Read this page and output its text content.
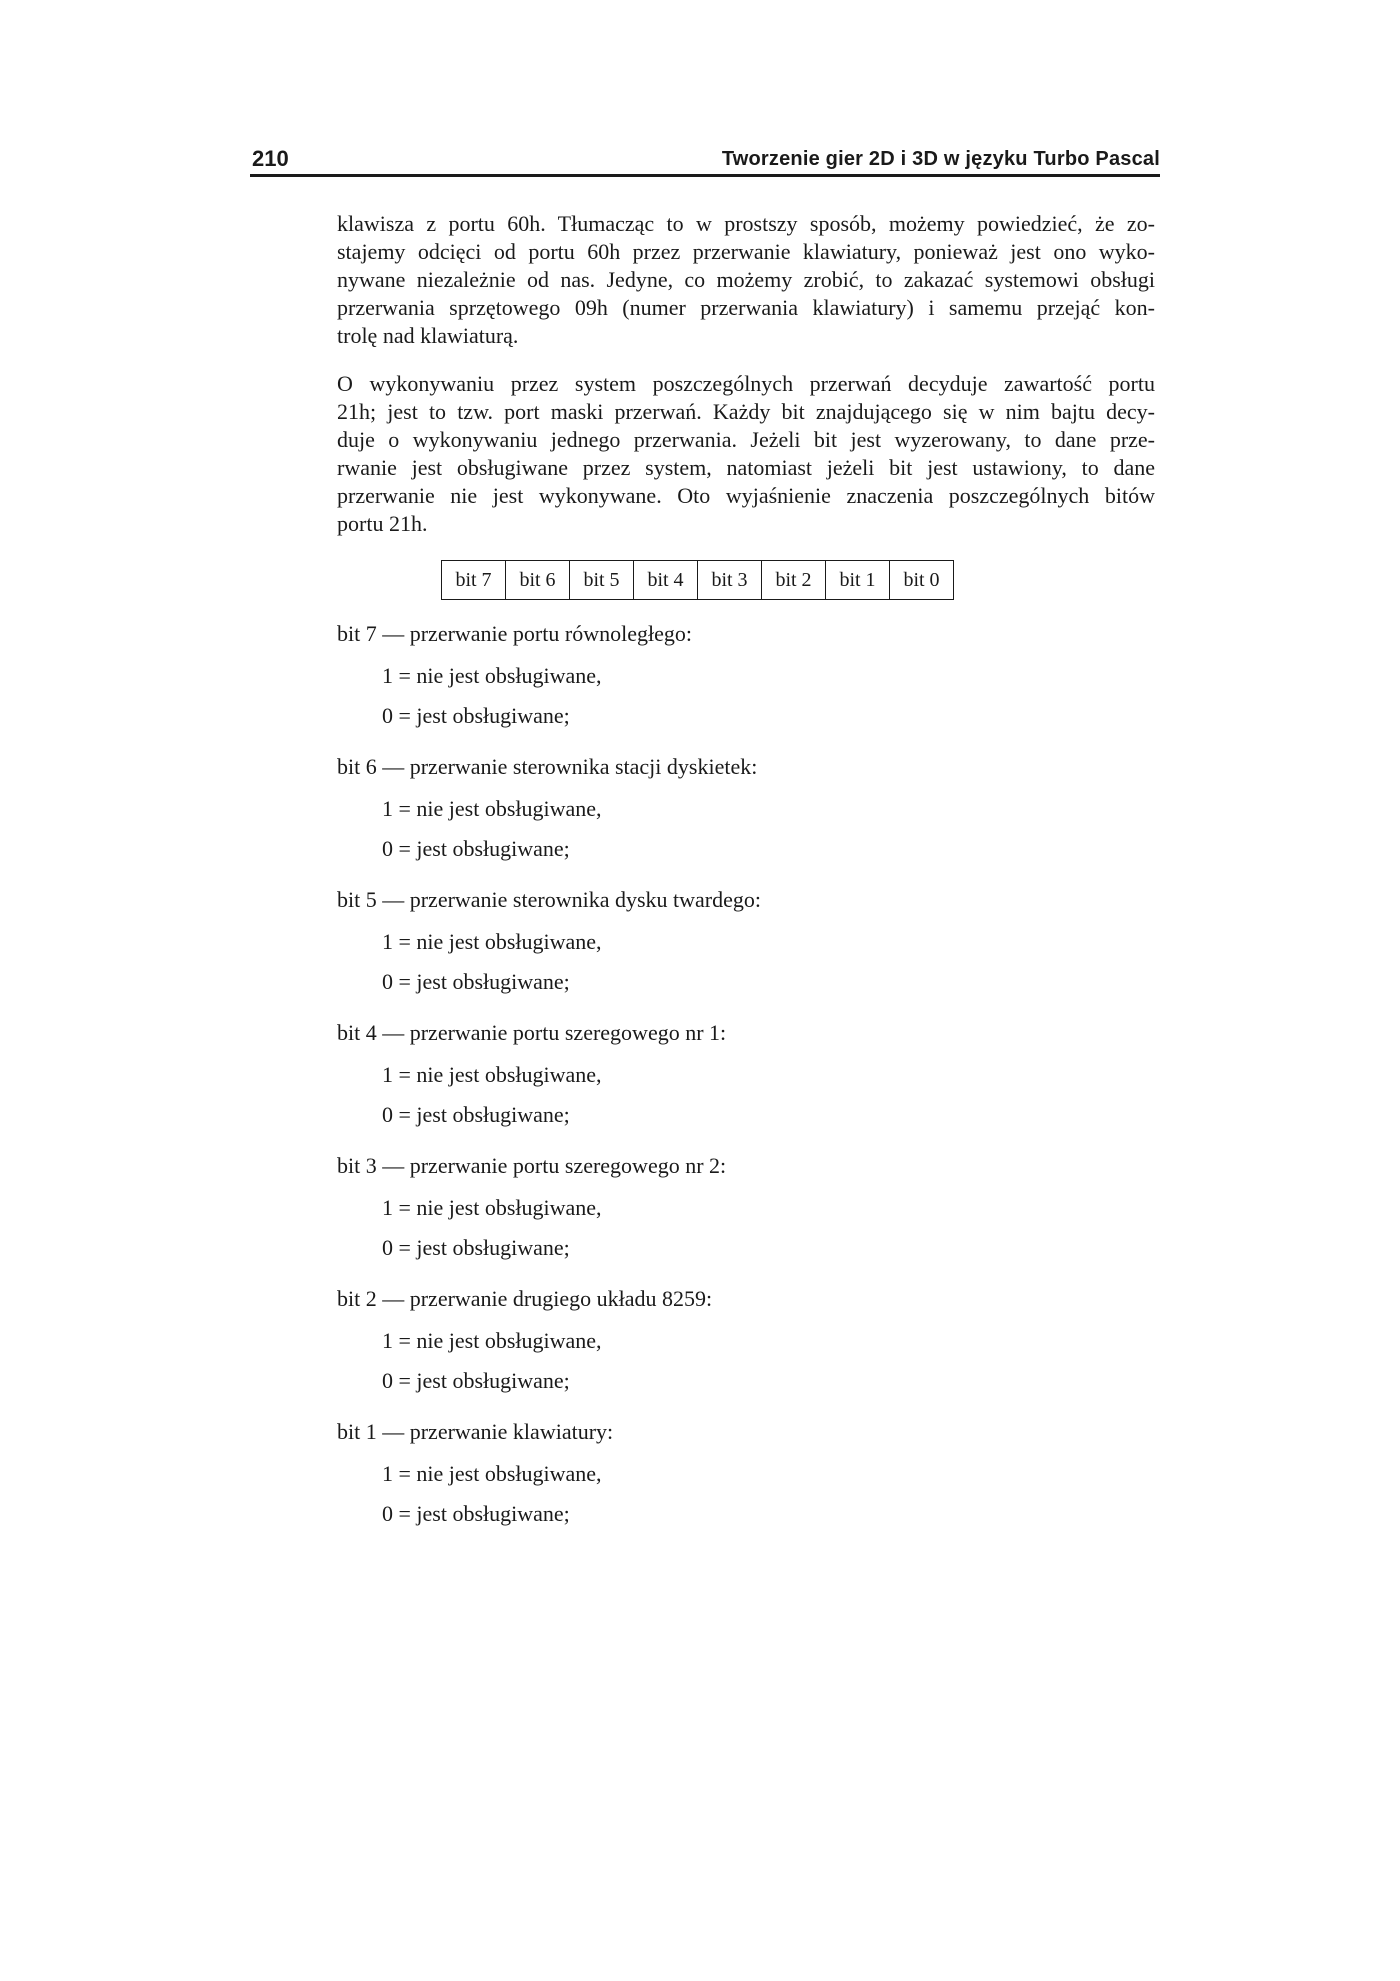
210	Tworzenie gier 2D i 3D w języku Turbo Pascal

klawisza z portu 60h. Tłumacząc to w prostszy sposób, możemy powiedzieć, że zo-
stajemy odcięci od portu 60h przez przerwanie klawiatury, ponieważ jest ono wyko-
nywane niezależnie od nas. Jedyne, co możemy zrobić, to zakazać systemowi obsługi
przerwania sprzętowego 09h (numer przerwania klawiatury) i samemu przejąć kon-
trolę nad klawiaturą.

O wykonywaniu przez system poszczególnych przerwań decyduje zawartość portu
21h; jest to tzw. port maski przerwań. Każdy bit znajdującego się w nim bajtu decy-
duje o wykonywaniu jednego przerwania. Jeżeli bit jest wyzerowany, to dane prze-
rwanie jest obsługiwane przez system, natomiast jeżeli bit jest ustawiony, to dane
przerwanie nie jest wykonywane. Oto wyjaśnienie znaczenia poszczególnych bitów
portu 21h.

bit 7	bit 6	bit 5	bit 4	bit 3	bit 2	bit 1	bit 0
bit 7 — przerwanie portu równoległego:
1 = nie jest obsługiwane,
0 = jest obsługiwane;
bit 6 — przerwanie sterownika stacji dyskietek:
1 = nie jest obsługiwane,
0 = jest obsługiwane;
bit 5 — przerwanie sterownika dysku twardego:
1 = nie jest obsługiwane,
0 = jest obsługiwane;
bit 4 — przerwanie portu szeregowego nr 1:
1 = nie jest obsługiwane,
0 = jest obsługiwane;
bit 3 — przerwanie portu szeregowego nr 2:
1 = nie jest obsługiwane,
0 = jest obsługiwane;
bit 2 — przerwanie drugiego układu 8259:
1 = nie jest obsługiwane,
0 = jest obsługiwane;
bit 1 — przerwanie klawiatury:
1 = nie jest obsługiwane,
0 = jest obsługiwane;
